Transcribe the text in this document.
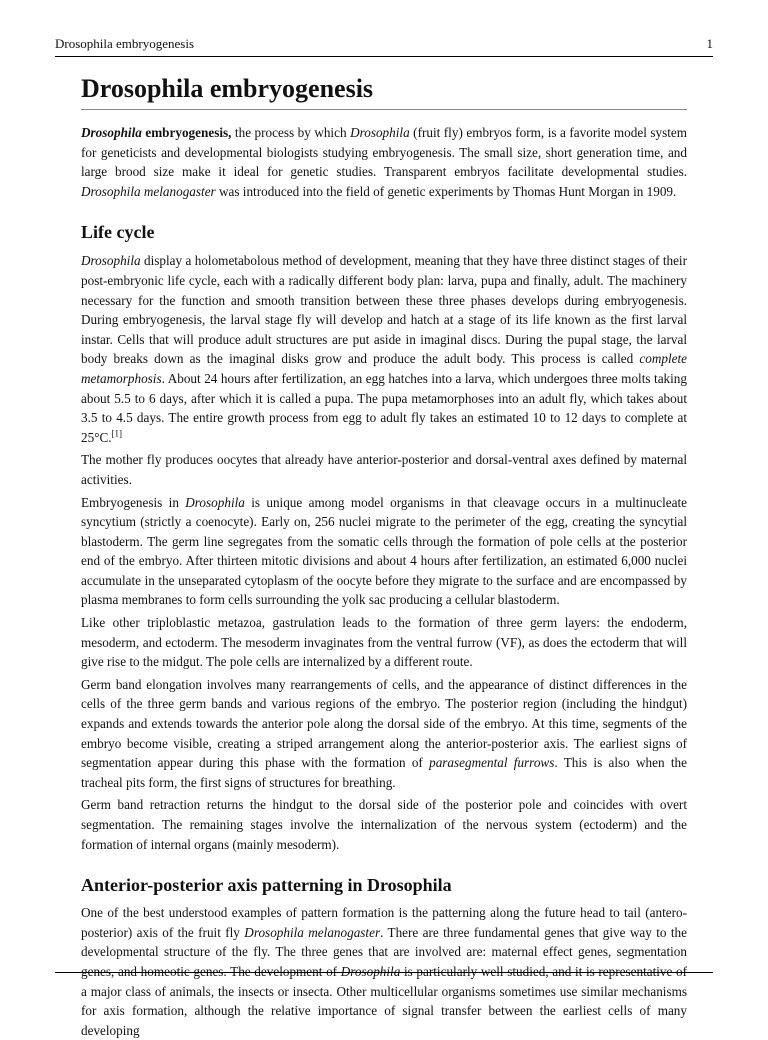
Drosophila embryogenesis	1
Drosophila embryogenesis

Drosophila embryogenesis, the process by which Drosophila (fruit fly) embryos form, is a favorite model system for geneticists and developmental biologists studying embryogenesis. The small size, short generation time, and large brood size make it ideal for genetic studies. Transparent embryos facilitate developmental studies. Drosophila melanogaster was introduced into the field of genetic experiments by Thomas Hunt Morgan in 1909.

Life cycle

Drosophila display a holometabolous method of development, meaning that they have three distinct stages of their post-embryonic life cycle, each with a radically different body plan: larva, pupa and finally, adult. The machinery necessary for the function and smooth transition between these three phases develops during embryogenesis. During embryogenesis, the larval stage fly will develop and hatch at a stage of its life known as the first larval instar. Cells that will produce adult structures are put aside in imaginal discs. During the pupal stage, the larval body breaks down as the imaginal disks grow and produce the adult body. This process is called complete metamorphosis. About 24 hours after fertilization, an egg hatches into a larva, which undergoes three molts taking about 5.5 to 6 days, after which it is called a pupa. The pupa metamorphoses into an adult fly, which takes about 3.5 to 4.5 days. The entire growth process from egg to adult fly takes an estimated 10 to 12 days to complete at 25°C.[1]

The mother fly produces oocytes that already have anterior-posterior and dorsal-ventral axes defined by maternal activities.

Embryogenesis in Drosophila is unique among model organisms in that cleavage occurs in a multinucleate syncytium (strictly a coenocyte). Early on, 256 nuclei migrate to the perimeter of the egg, creating the syncytial blastoderm. The germ line segregates from the somatic cells through the formation of pole cells at the posterior end of the embryo. After thirteen mitotic divisions and about 4 hours after fertilization, an estimated 6,000 nuclei accumulate in the unseparated cytoplasm of the oocyte before they migrate to the surface and are encompassed by plasma membranes to form cells surrounding the yolk sac producing a cellular blastoderm.

Like other triploblastic metazoa, gastrulation leads to the formation of three germ layers: the endoderm, mesoderm, and ectoderm. The mesoderm invaginates from the ventral furrow (VF), as does the ectoderm that will give rise to the midgut. The pole cells are internalized by a different route.

Germ band elongation involves many rearrangements of cells, and the appearance of distinct differences in the cells of the three germ bands and various regions of the embryo. The posterior region (including the hindgut) expands and extends towards the anterior pole along the dorsal side of the embryo. At this time, segments of the embryo become visible, creating a striped arrangement along the anterior-posterior axis. The earliest signs of segmentation appear during this phase with the formation of parasegmental furrows. This is also when the tracheal pits form, the first signs of structures for breathing.

Germ band retraction returns the hindgut to the dorsal side of the posterior pole and coincides with overt segmentation. The remaining stages involve the internalization of the nervous system (ectoderm) and the formation of internal organs (mainly mesoderm).

Anterior-posterior axis patterning in Drosophila

One of the best understood examples of pattern formation is the patterning along the future head to tail (antero-posterior) axis of the fruit fly Drosophila melanogaster. There are three fundamental genes that give way to the developmental structure of the fly. The three genes that are involved are: maternal effect genes, segmentation genes, and homeotic genes. The development of Drosophila is particularly well studied, and it is representative of a major class of animals, the insects or insecta. Other multicellular organisms sometimes use similar mechanisms for axis formation, although the relative importance of signal transfer between the earliest cells of many developing
